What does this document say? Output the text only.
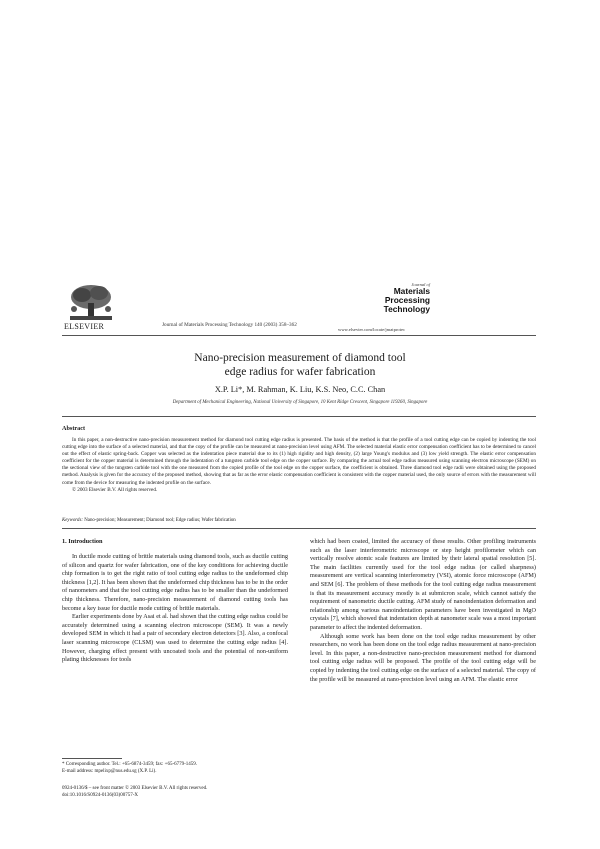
ELSEVIER	Journal of Materials Processing Technology 140 (2003) 358–362
Journal of
Materials
Processing
Technology
www.elsevier.com/locate/jmatprotec
Nano-precision measurement of diamond tool
edge radius for wafer fabrication
X.P. Li*, M. Rahman, K. Liu, K.S. Neo, C.C. Chan
Department of Mechanical Engineering, National University of Singapore, 10 Kent Ridge Crescent, Singapore 119260, Singapore
Abstract

In this paper, a non-destructive nano-precision measurement method for diamond tool cutting edge radius is presented. The basis of the method is that the profile of a tool cutting edge can be copied by indenting the tool cutting edge into the surface of a selected material, and that the copy of the profile can be measured at nano-precision level using AFM. The selected material elastic error compensation coefficient has to be determined to cancel out the effect of elastic spring-back. Copper was selected as the indentation piece material due to its (1) high rigidity and high density, (2) large Young's modulus and (3) low yield strength. The elastic error compensation coefficient for the copper material is determined through the indentation of a tungsten carbide tool edge on the copper surface. By comparing the actual tool edge radius measured using scanning electron microscope (SEM) on the sectional view of the tungsten carbide tool with the one measured from the copied profile of the tool edge on the copper surface, the coefficient is obtained. Three diamond tool edge radii were obtained using the proposed method. Analysis is given for the accuracy of the proposed method, showing that as far as the error elastic compensation coefficient is consistent with the copper material used, the only source of errors with the measurement will come from the device for measuring the indented profile on the surface.

© 2003 Elsevier B.V. All rights reserved.

Keywords: Nano-precision; Measurement; Diamond tool; Edge radius; Wafer fabrication
1. Introduction

In ductile mode cutting of brittle materials using diamond tools, such as ductile cutting of silicon and quartz for wafer fabrication, one of the key conditions for achieving ductile chip formation is to get the right ratio of tool cutting edge radius to the undeformed chip thickness [1,2]. It has been shown that the undeformed chip thickness has to be in the order of nanometers and that the tool cutting edge radius has to be smaller than the undeformed chip thickness. Therefore, nano-precision measurement of diamond cutting tools has become a key issue for ductile mode cutting of brittle materials.

Earlier experiments done by Asai et al. had shown that the cutting edge radius could be accurately determined using a scanning electron microscope (SEM). It was a newly developed SEM in which it had a pair of secondary electron detectors [3]. Also, a confocal laser scanning microscope (CLSM) was used to determine the cutting edge radius [4]. However, charging effect present with uncoated tools and the potential of non-uniform plating thicknesses for tools

which had been coated, limited the accuracy of these results. Other profiling instruments such as the laser interferometric microscope or step height profilometer which can vertically resolve atomic scale features are limited by their lateral spatial resolution [5]. The main facilities currently used for the tool edge radius (or called sharpness) measurement are vertical scanning interferometry (VSI), atomic force microscope (AFM) and SEM [6]. The problem of these methods for the tool cutting edge radius measurement is that its measurement accuracy mostly is at submicron scale, which cannot satisfy the requirement of nanometric ductile cutting. AFM study of nanoindentation deformation and relationship among various nanoindentation parameters have been investigated in MgO crystals [7], which showed that indentation depth at nanometer scale was a most important parameter to affect the indented deformation.

Although some work has been done on the tool edge radius measurement by other researchers, no work has been done on the tool edge radius measurement at nano-precision level. In this paper, a non-destructive nano-precision measurement method for diamond tool cutting edge radius will be proposed. The profile of the tool cutting edge will be copied by indenting the tool cutting edge on the surface of a selected material. The copy of the profile will be measured at nano-precision level using an AFM. The elastic error

* Corresponding author. Tel.: +65-6874-3459; fax: +65-6779-1459.
E-mail address: mpelixp@nus.edu.sg (X.P. Li).
0924-0136/$ – see front matter © 2003 Elsevier B.V. All rights reserved.
doi:10.1016/S0924-0136(03)00757-X
